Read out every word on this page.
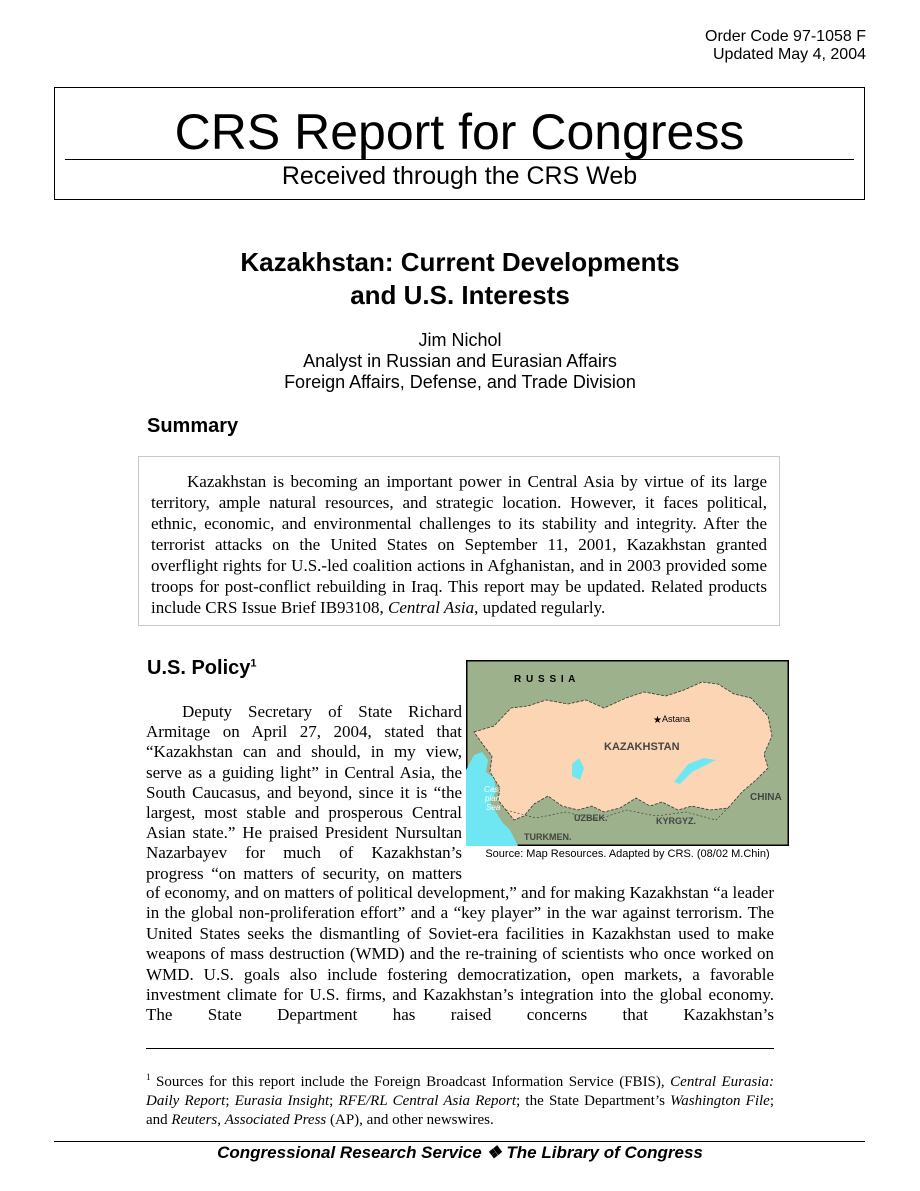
Order Code 97-1058 F
Updated May 4, 2004
CRS Report for Congress
Received through the CRS Web
Kazakhstan: Current Developments
and U.S. Interests
Jim Nichol
Analyst in Russian and Eurasian Affairs
Foreign Affairs, Defense, and Trade Division
Summary

Kazakhstan is becoming an important power in Central Asia by virtue of its large territory, ample natural resources, and strategic location. However, it faces political, ethnic, economic, and environmental challenges to its stability and integrity. After the terrorist attacks on the United States on September 11, 2001, Kazakhstan granted overflight rights for U.S.-led coalition actions in Afghanistan, and in 2003 provided some troops for post-conflict rebuilding in Iraq. This report may be updated. Related products include CRS Issue Brief IB93108, Central Asia, updated regularly.

U.S. Policy$^1$
R U S S I A
★ Astana
KAZAKHSTAN
CHINA
Cas-
pian
Sea
UZBEK.	KYRGYZ.
TURKMEN.
Source: Map Resources. Adapted by CRS. (08/02 M.Chin)

Deputy Secretary of State Richard Armitage on April 27, 2004, stated that “Kazakhstan can and should, in my view, serve as a guiding light” in Central Asia, the South Caucasus, and beyond, since it is “the largest, most stable and prosperous Central Asian state.” He praised President Nursultan Nazarbayev for much of Kazakhstan’s progress “on matters of security, on matters

of economy, and on matters of political development,” and for making Kazakhstan “a leader in the global non-proliferation effort” and a “key player” in the war against terrorism. The United States seeks the dismantling of Soviet-era facilities in Kazakhstan used to make weapons of mass destruction (WMD) and the re-training of scientists who once worked on WMD. U.S. goals also include fostering democratization, open markets, a favorable investment climate for U.S. firms, and Kazakhstan’s integration into the global economy. The State Department has raised concerns that Kazakhstan’s

$^1$ Sources for this report include the Foreign Broadcast Information Service (FBIS), Central Eurasia: Daily Report; Eurasia Insight; RFE/RL Central Asia Report; the State Department’s Washington File; and Reuters, Associated Press (AP), and other newswires.

Congressional Research Service ❖ The Library of Congress
